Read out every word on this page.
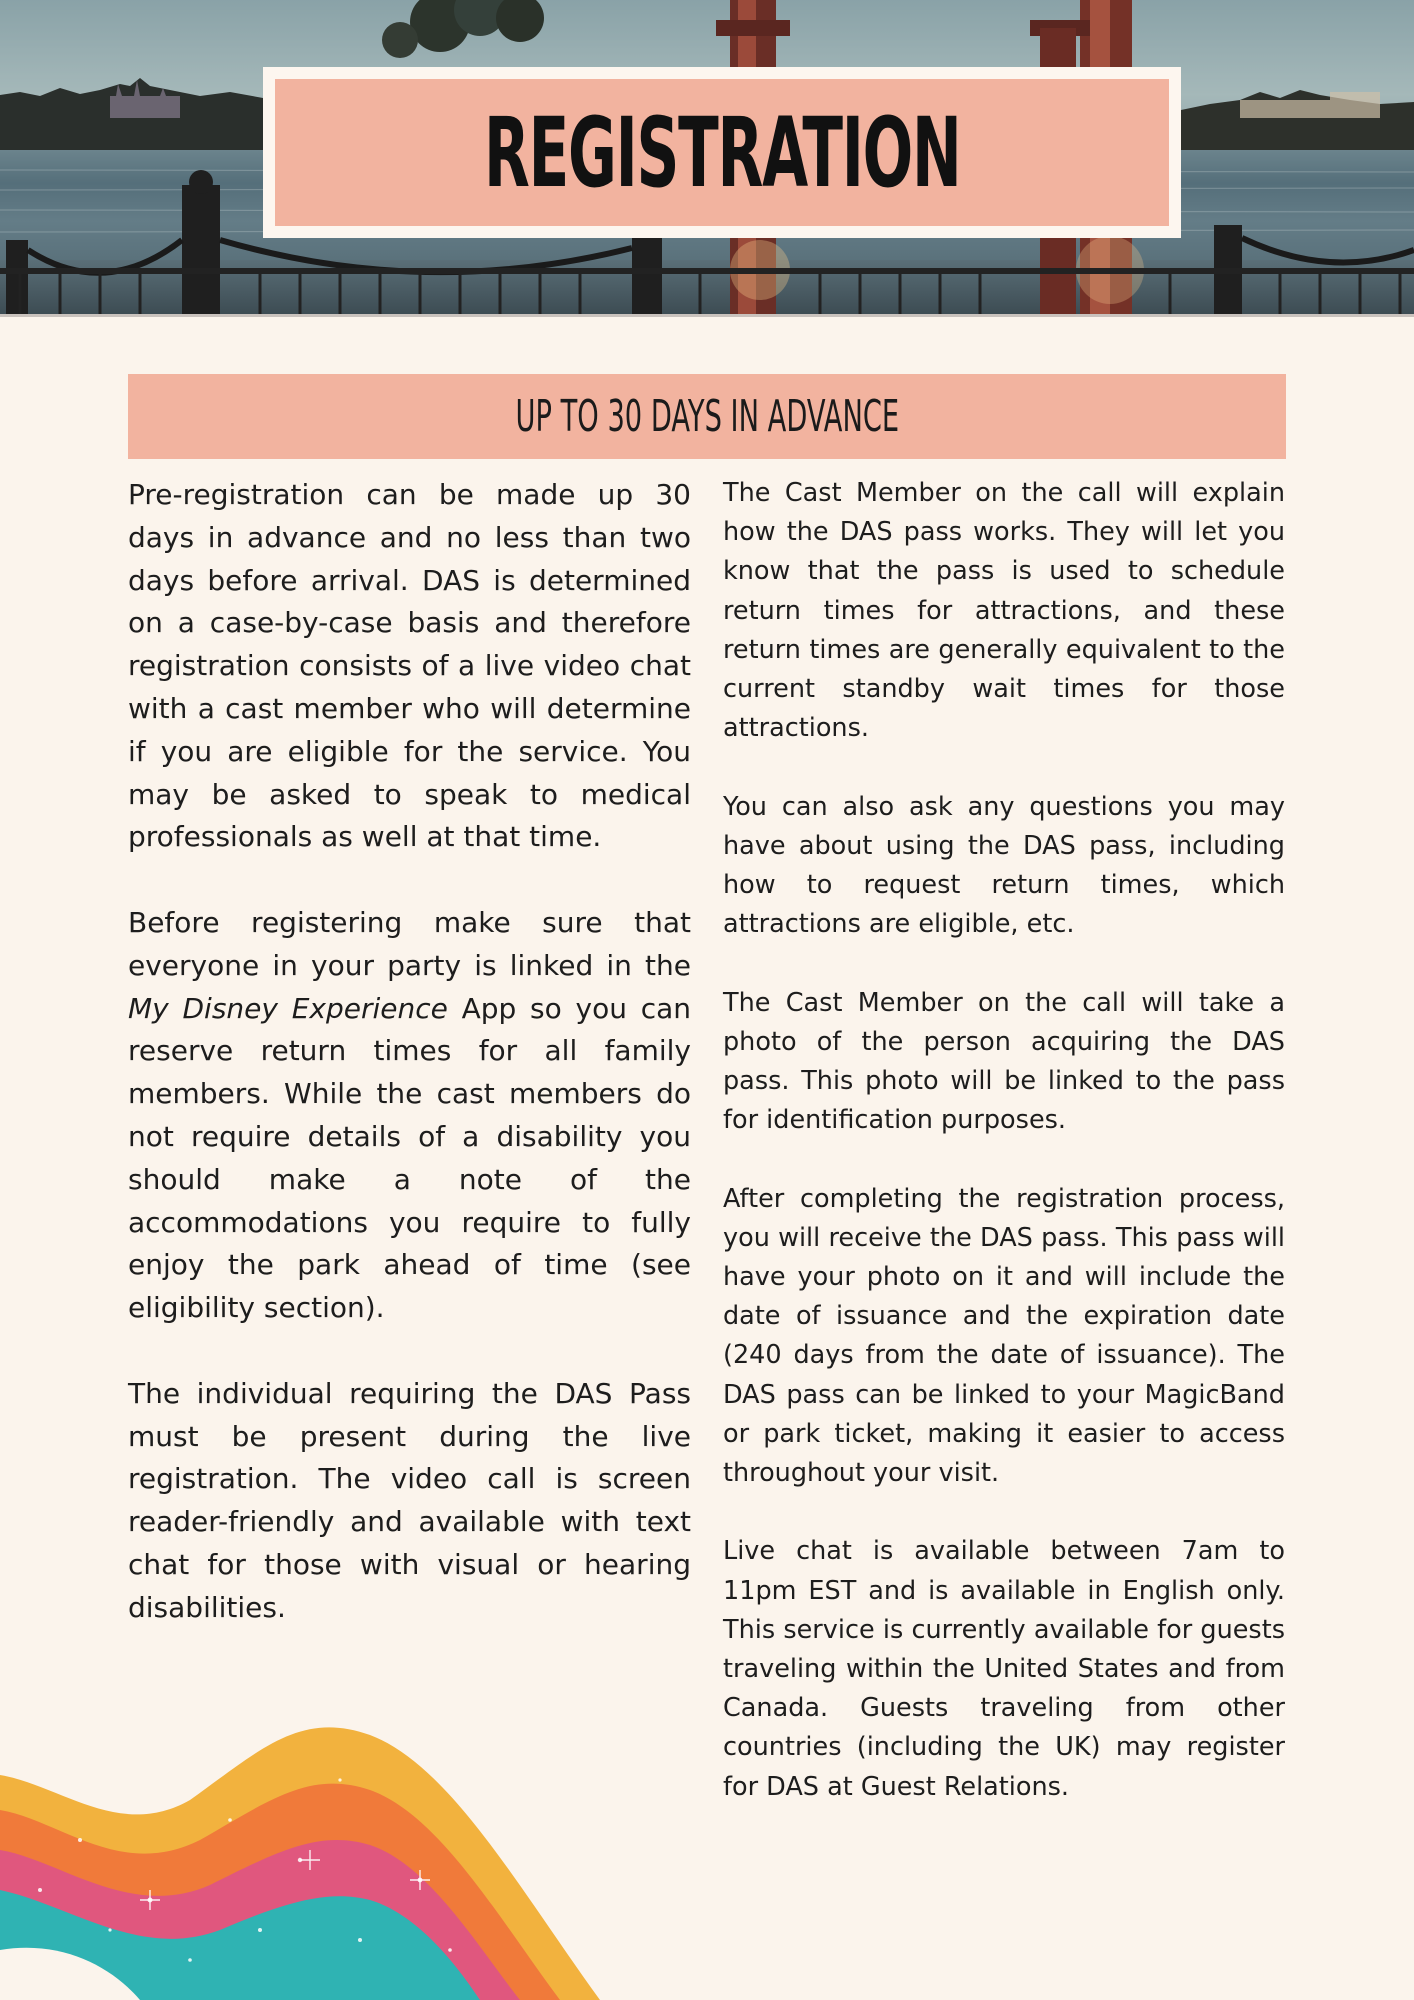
REGISTRATION
UP TO 30 DAYS IN ADVANCE

Pre-registration can be made up 30 days in advance and no less than two days before arrival. DAS is determined on a case-by-case basis and therefore registration consists of a live video chat with a cast member who will determine if you are eligible for the service. You may be asked to speak to medical professionals as well at that time.

Before registering make sure that everyone in your party is linked in the My Disney Experience App so you can reserve return times for all family members. While the cast members do not require details of a disability you should make a note of the accommodations you require to fully enjoy the park ahead of time (see eligibility section).

The individual requiring the DAS Pass must be present during the live registration. The video call is screen reader-friendly and available with text chat for those with visual or hearing disabilities.

The Cast Member on the call will explain how the DAS pass works. They will let you know that the pass is used to schedule return times for attractions, and these return times are generally equivalent to the current standby wait times for those attractions.

You can also ask any questions you may have about using the DAS pass, including how to request return times, which attractions are eligible, etc.

The Cast Member on the call will take a photo of the person acquiring the DAS pass. This photo will be linked to the pass for identification purposes.

After completing the registration process, you will receive the DAS pass. This pass will have your photo on it and will include the date of issuance and the expiration date (240 days from the date of issuance). The DAS pass can be linked to your MagicBand or park ticket, making it easier to access throughout your visit.

Live chat is available between 7am to 11pm EST and is available in English only. This service is currently available for guests traveling within the United States and from Canada. Guests traveling from other countries (including the UK) may register for DAS at Guest Relations.
